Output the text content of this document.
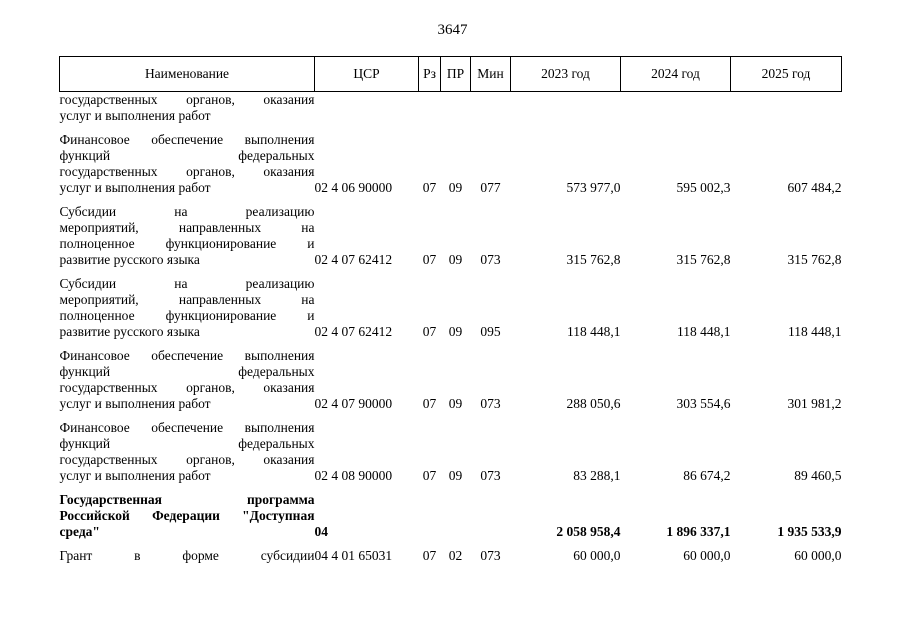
3647
Наименование	ЦСР	Рз	ПР	Мин	2023 год	2024 год	2025 год

государственных органов, оказания
услуг и выполнения работ							

Финансовое обеспечение выполнения
функций федеральных
государственных органов, оказания
услуг и выполнения работ	02 4 06 90000	07	09	077	573 977,0	595 002,3	607 484,2

Субсидии на реализацию
мероприятий, направленных на
полноценное функционирование и
развитие русского языка	02 4 07 62412	07	09	073	315 762,8	315 762,8	315 762,8

Субсидии на реализацию
мероприятий, направленных на
полноценное функционирование и
развитие русского языка	02 4 07 62412	07	09	095	118 448,1	118 448,1	118 448,1

Финансовое обеспечение выполнения
функций федеральных
государственных органов, оказания
услуг и выполнения работ	02 4 07 90000	07	09	073	288 050,6	303 554,6	301 981,2

Финансовое обеспечение выполнения
функций федеральных
государственных органов, оказания
услуг и выполнения работ	02 4 08 90000	07	09	073	83 288,1	86 674,2	89 460,5

Государственная программа
Российской Федерации "Доступная
среда"	04				2 058 958,4	1 896 337,1	1 935 533,9

Грант в форме субсидии	04 4 01 65031	07	02	073	60 000,0	60 000,0	60 000,0
